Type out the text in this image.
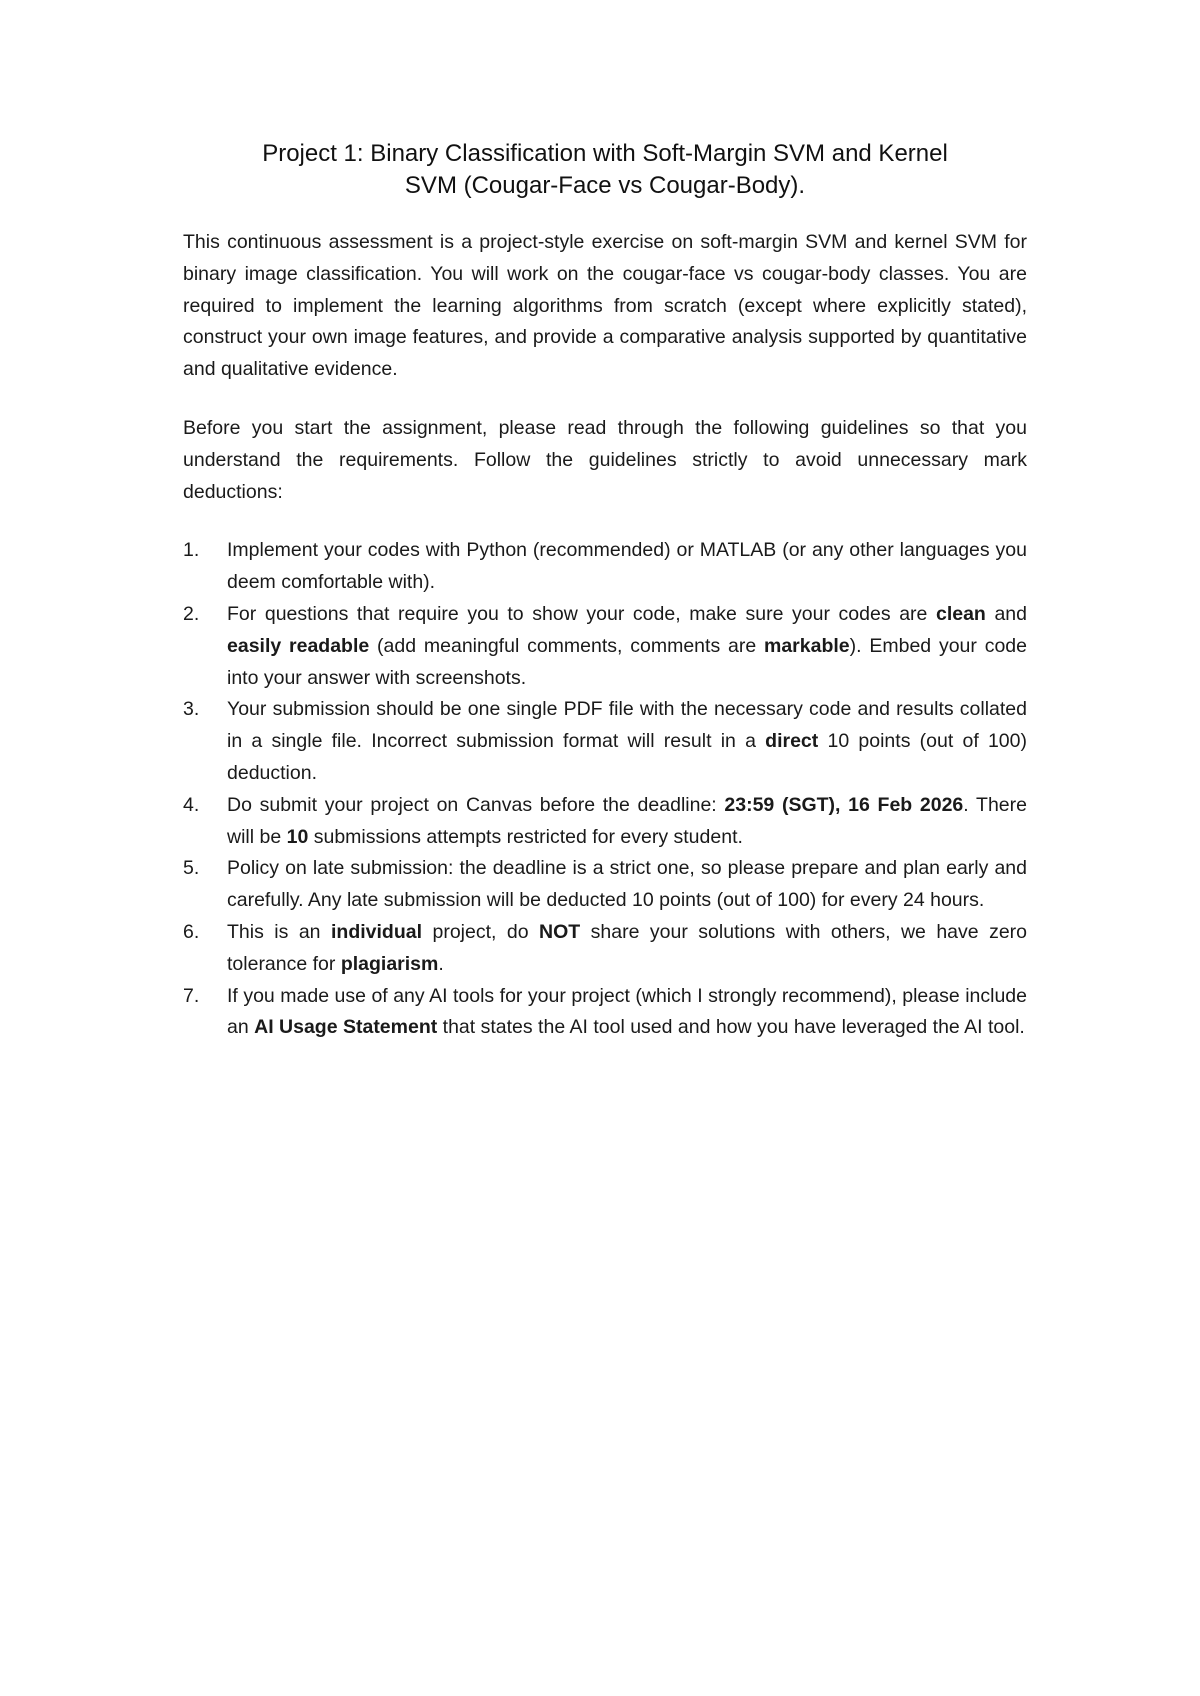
Project 1: Binary Classification with Soft-Margin SVM and Kernel
SVM (Cougar-Face vs Cougar-Body).

This continuous assessment is a project-style exercise on soft-margin SVM and kernel SVM for binary image classification. You will work on the cougar-face vs cougar-body classes. You are required to implement the learning algorithms from scratch (except where explicitly stated), construct your own image features, and provide a comparative analysis supported by quantitative and qualitative evidence.

Before you start the assignment, please read through the following guidelines so that you understand the requirements. Follow the guidelines strictly to avoid unnecessary mark deductions:

1. Implement your codes with Python (recommended) or MATLAB (or any other languages you deem comfortable with).
2. For questions that require you to show your code, make sure your codes are clean and easily readable (add meaningful comments, comments are markable). Embed your code into your answer with screenshots.
3. Your submission should be one single PDF file with the necessary code and results collated in a single file. Incorrect submission format will result in a direct 10 points (out of 100) deduction.
4. Do submit your project on Canvas before the deadline: 23:59 (SGT), 16 Feb 2026. There will be 10 submissions attempts restricted for every student.
5. Policy on late submission: the deadline is a strict one, so please prepare and plan early and carefully. Any late submission will be deducted 10 points (out of 100) for every 24 hours.
6. This is an individual project, do NOT share your solutions with others, we have zero tolerance for plagiarism.
7. If you made use of any AI tools for your project (which I strongly recommend), please include an AI Usage Statement that states the AI tool used and how you have leveraged the AI tool.
